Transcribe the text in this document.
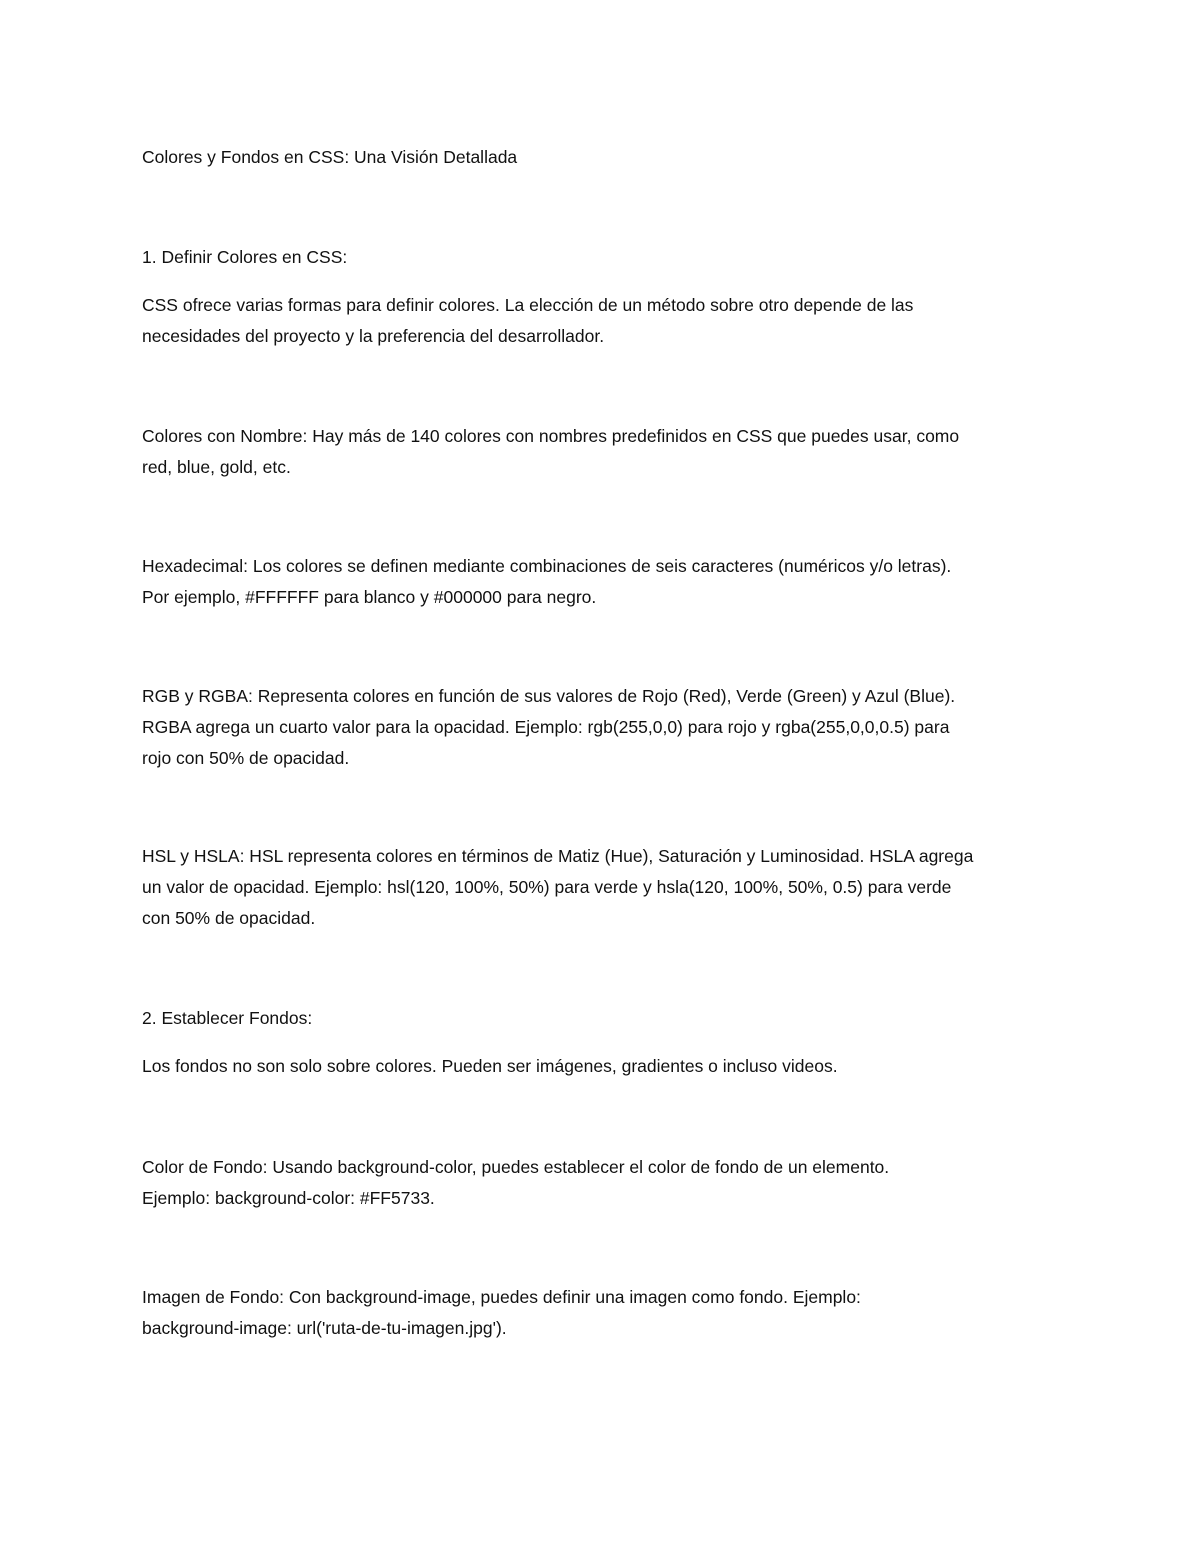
Colores y Fondos en CSS: Una Visión Detallada

1. Definir Colores en CSS:

CSS ofrece varias formas para definir colores. La elección de un método sobre otro depende de las
necesidades del proyecto y la preferencia del desarrollador.

Colores con Nombre: Hay más de 140 colores con nombres predefinidos en CSS que puedes usar, como
red, blue, gold, etc.

Hexadecimal: Los colores se definen mediante combinaciones de seis caracteres (numéricos y/o letras).
Por ejemplo, #FFFFFF para blanco y #000000 para negro.

RGB y RGBA: Representa colores en función de sus valores de Rojo (Red), Verde (Green) y Azul (Blue).
RGBA agrega un cuarto valor para la opacidad. Ejemplo: rgb(255,0,0) para rojo y rgba(255,0,0,0.5) para
rojo con 50% de opacidad.

HSL y HSLA: HSL representa colores en términos de Matiz (Hue), Saturación y Luminosidad. HSLA agrega
un valor de opacidad. Ejemplo: hsl(120, 100%, 50%) para verde y hsla(120, 100%, 50%, 0.5) para verde
con 50% de opacidad.

2. Establecer Fondos:

Los fondos no son solo sobre colores. Pueden ser imágenes, gradientes o incluso videos.

Color de Fondo: Usando background-color, puedes establecer el color de fondo de un elemento.
Ejemplo: background-color: #FF5733.

Imagen de Fondo: Con background-image, puedes definir una imagen como fondo. Ejemplo:
background-image: url('ruta-de-tu-imagen.jpg').
